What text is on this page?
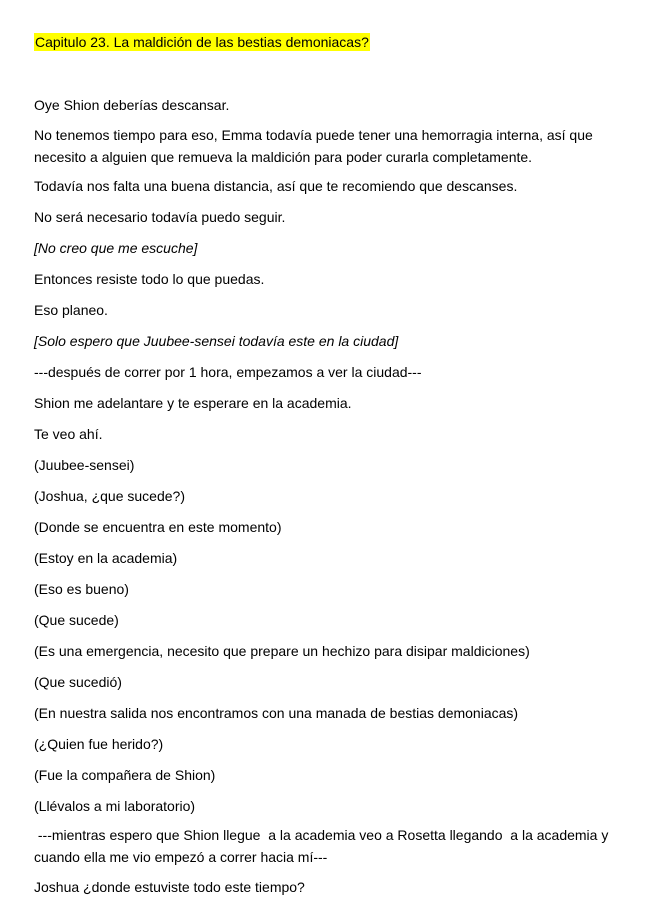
Capitulo 23. La maldición de las bestias demoniacas?
Oye Shion deberías descansar.
No tenemos tiempo para eso, Emma todavía puede tener una hemorragia interna, así que necesito a alguien que remueva la maldición para poder curarla completamente.
Todavía nos falta una buena distancia, así que te recomiendo que descanses.
No será necesario todavía puedo seguir.
[No creo que me escuche]
Entonces resiste todo lo que puedas.
Eso planeo.
[Solo espero que Juubee-sensei todavía este en la ciudad]
---después de correr por 1 hora, empezamos a ver la ciudad---
Shion me adelantare y te esperare en la academia.
Te veo ahí.
(Juubee-sensei)
(Joshua, ¿que sucede?)
(Donde se encuentra en este momento)
(Estoy en la academia)
(Eso es bueno)
(Que sucede)
(Es una emergencia, necesito que prepare un hechizo para disipar maldiciones)
(Que sucedió)
(En nuestra salida nos encontramos con una manada de bestias demoniacas)
(¿Quien fue herido?)
(Fue la compañera de Shion)
(Llévalos a mi laboratorio)
---mientras espero que Shion llegue  a la academia veo a Rosetta llegando  a la academia y cuando ella me vio empezó a correr hacia mí---
Joshua ¿donde estuviste todo este tiempo?
